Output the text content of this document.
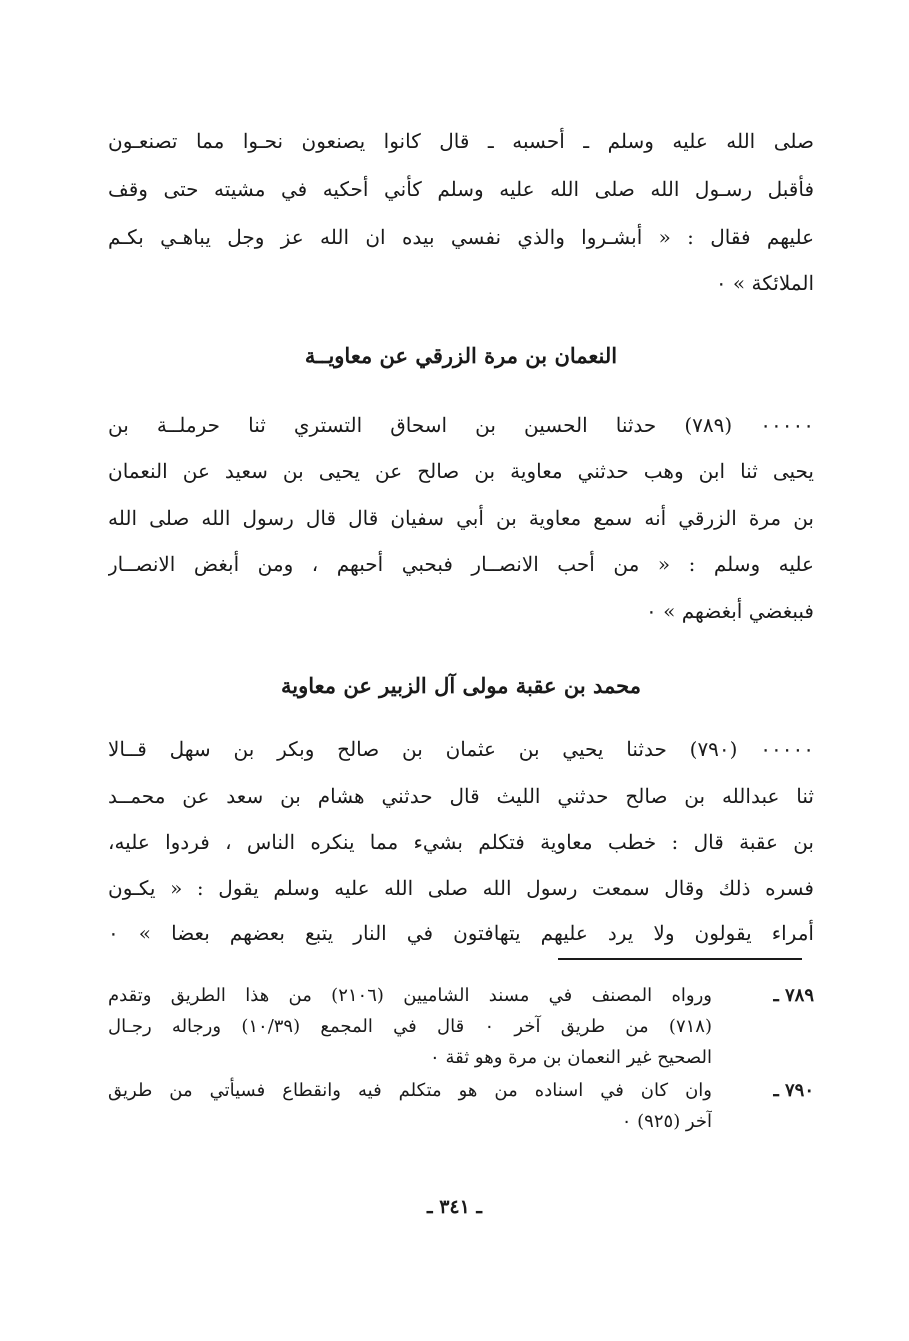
صلى الله عليه وسلم ـ أحسبه ـ قال كانوا يصنعون نحـوا مما تصنعـون
فأقبل رسـول الله صلى الله عليه وسلم كأني أحكيه في مشيته حتى وقف
عليهم فقال : « أبشـروا والذي نفسي بيده ان الله عز وجل يباهـي بكـم
الملائكة » ٠
النعمان بن مرة الزرقي عن معاويــة
٠٠٠٠٠ (٧٨٩) حدثنا الحسين بن اسحاق التستري ثنا حرملــة بن
يحيى ثنا ابن وهب حدثني معاوية بن صالح عن يحيى بن سعيد عن النعمان
بن مرة الزرقي أنه سمع معاوية بن أبي سفيان قال قال رسول الله صلى الله
عليه وسلم : « من أحب الانصــار فبحبي أحبهم ، ومن أبغض الانصــار
فببغضي أبغضهم » ٠
محمد بن عقبة مولى آل الزبير عن معاوية
٠٠٠٠٠ (٧٩٠) حدثنا يحيي بن عثمان بن صالح وبكر بن سهل قــالا
ثنا عبدالله بن صالح حدثني الليث قال حدثني هشام بن سعد عن محمــد
بن عقبة قال : خطب معاوية فتكلم بشيء مما ينكره الناس ، فردوا عليه،
فسره ذلك وقال سمعت رسول الله صلى الله عليه وسلم يقول : « يكـون
أمراء يقولون ولا يرد عليهم يتهافتون في النار يتبع بعضهم بعضا » ٠
٧٨٩ ـ
ورواه المصنف في مسند الشاميين (٢١٠٦) من هذا الطريق وتقدم
(٧١٨) من طريق آخر ٠ قال في المجمع (١٠/٣٩) ورجاله رجـال
الصحيح غير النعمان بن مرة وهو ثقة ٠
٧٩٠ ـ
وان كان في اسناده من هو متكلم فيه وانقطاع فسيأتي من طريق
آخر (٩٢٥) ٠
ـ ٣٤١ ـ
